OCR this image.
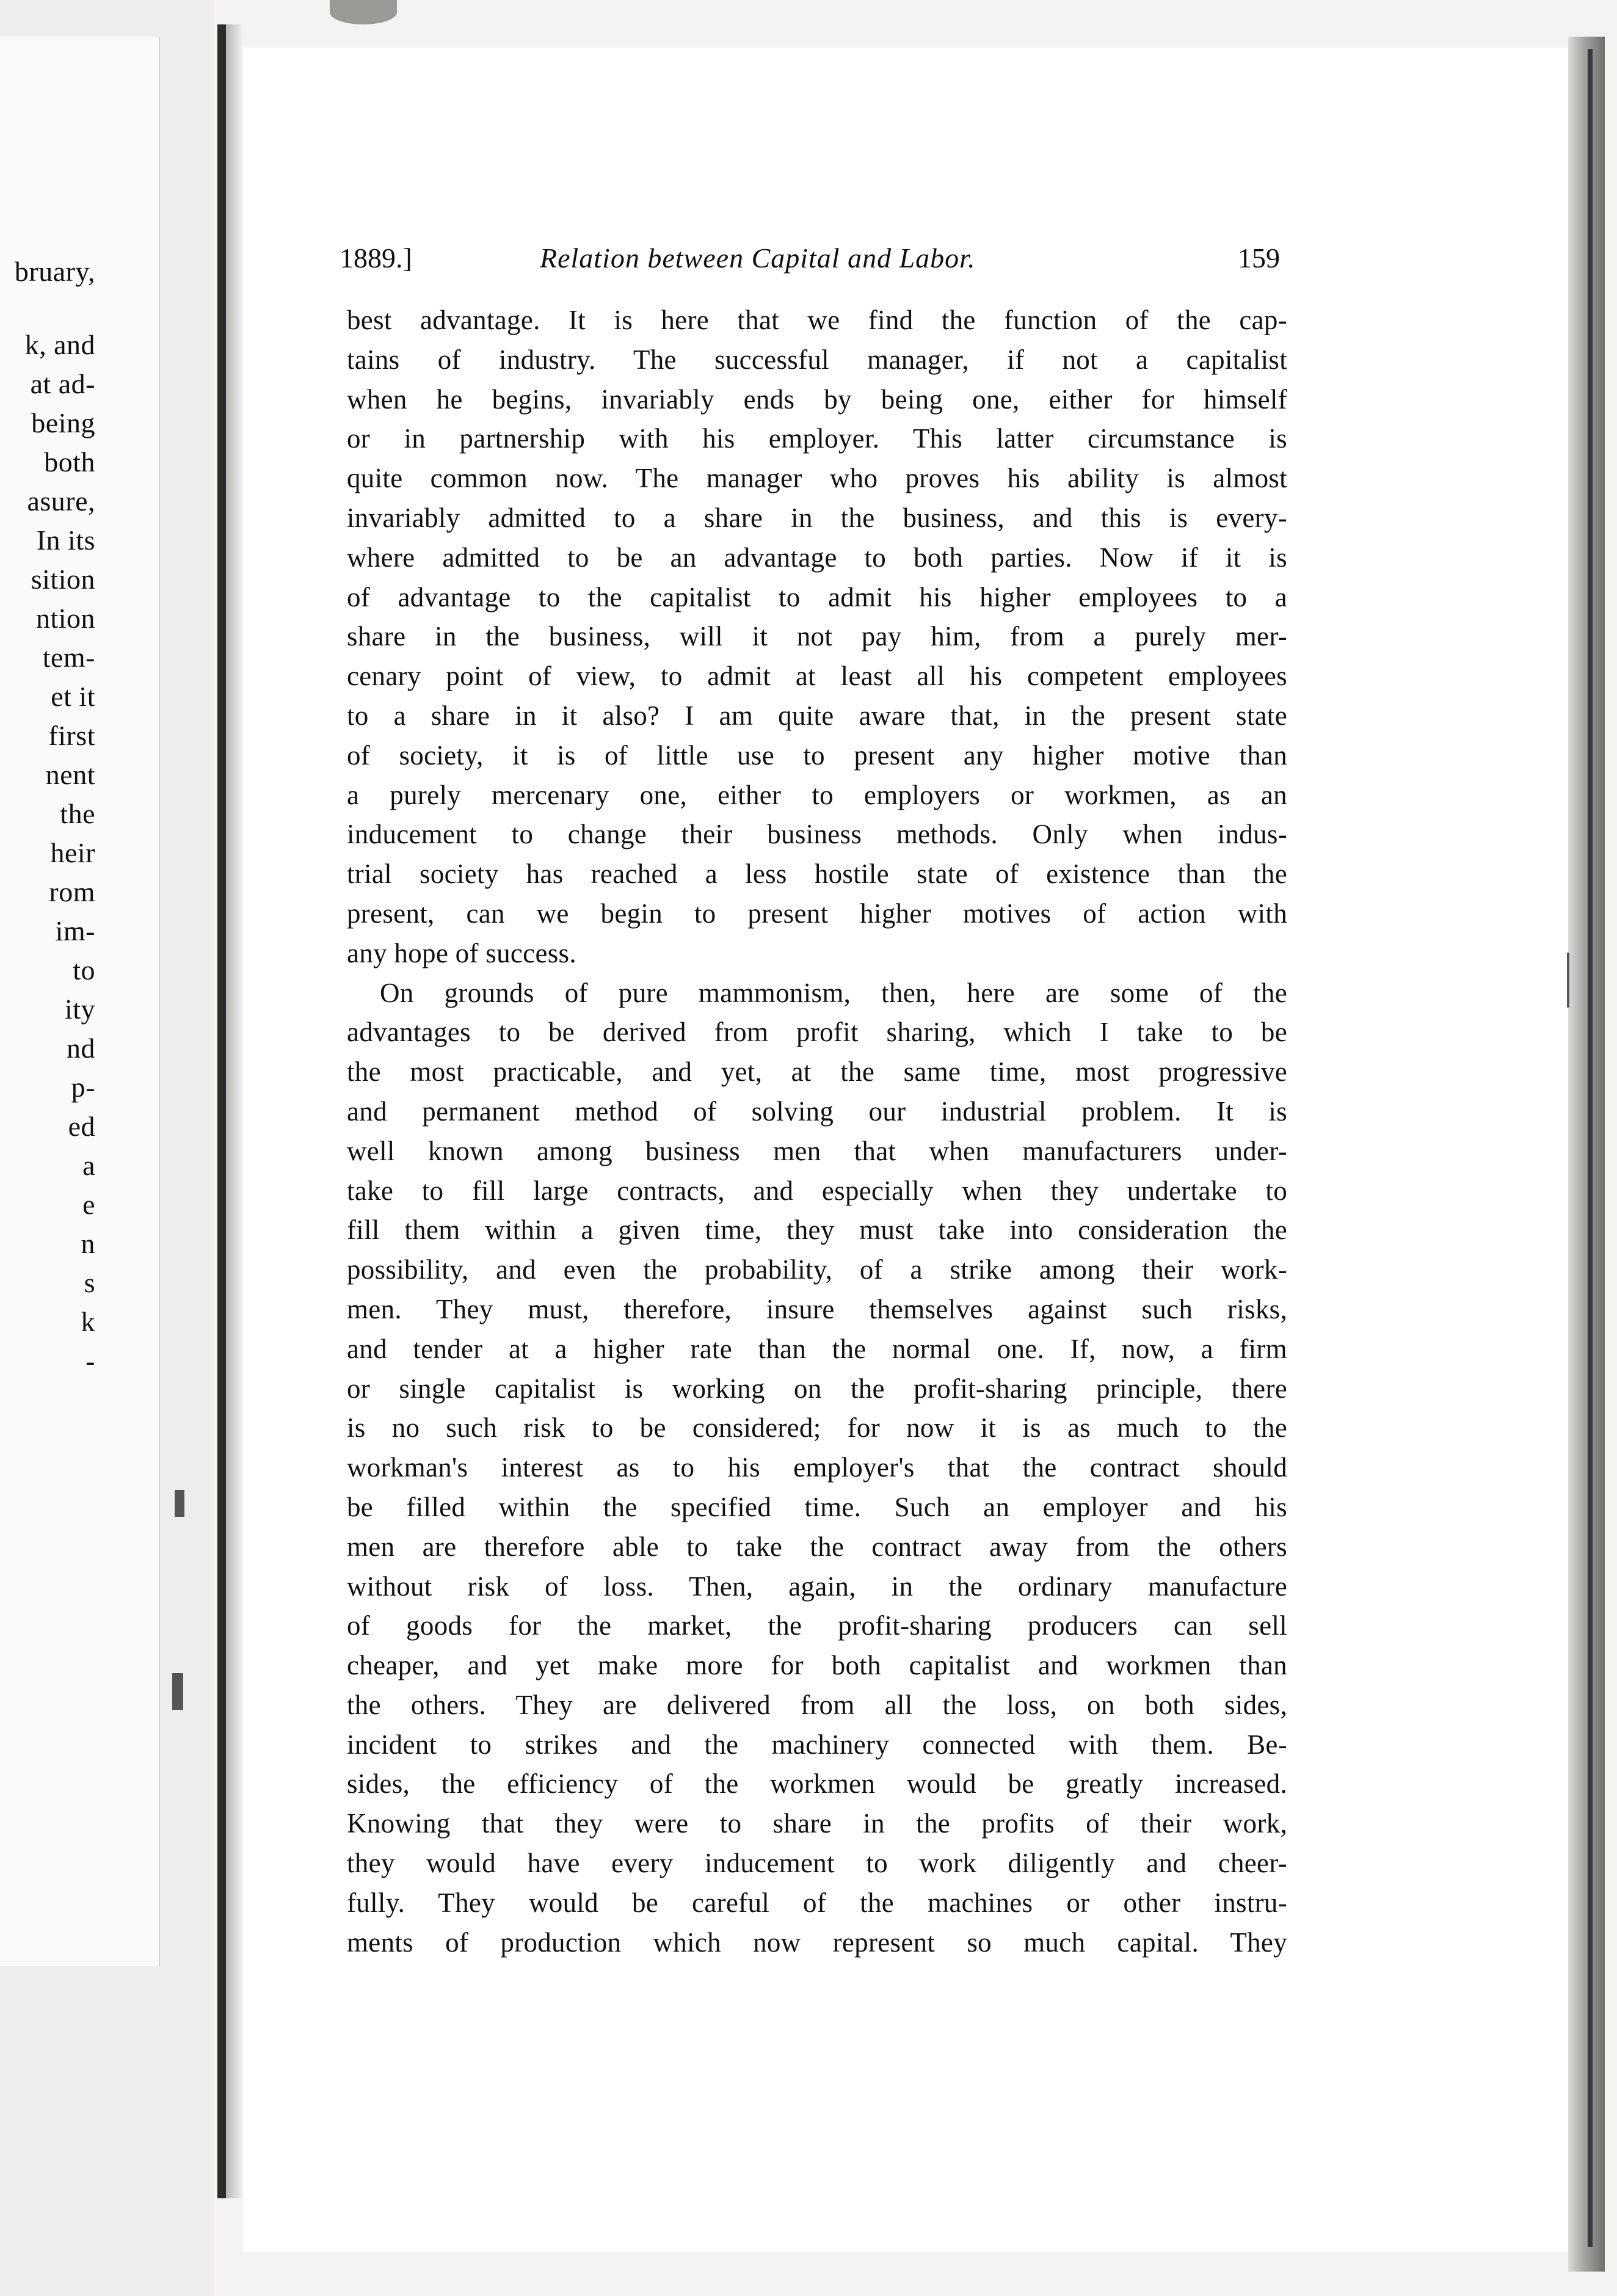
bruary,
k, and
at ad-
being
both
asure,
In its
sition
ntion
tem-
et it
first
nent
the
heir
rom
im-
to
ity
nd
p-
ed
a
e
n
s
k
-
1889.]	Relation between Capital and Labor.	159
best advantage. It is here that we find the function of the cap-
tains of industry. The successful manager, if not a capitalist
when he begins, invariably ends by being one, either for himself
or in partnership with his employer. This latter circumstance is
quite common now. The manager who proves his ability is almost
invariably admitted to a share in the business, and this is every-
where admitted to be an advantage to both parties. Now if it is
of advantage to the capitalist to admit his higher employees to a
share in the business, will it not pay him, from a purely mer-
cenary point of view, to admit at least all his competent employees
to a share in it also? I am quite aware that, in the present state
of society, it is of little use to present any higher motive than
a purely mercenary one, either to employers or workmen, as an
inducement to change their business methods. Only when indus-
trial society has reached a less hostile state of existence than the
present, can we begin to present higher motives of action with
any hope of success.
On grounds of pure mammonism, then, here are some of the
advantages to be derived from profit sharing, which I take to be
the most practicable, and yet, at the same time, most progressive
and permanent method of solving our industrial problem. It is
well known among business men that when manufacturers under-
take to fill large contracts, and especially when they undertake to
fill them within a given time, they must take into consideration the
possibility, and even the probability, of a strike among their work-
men. They must, therefore, insure themselves against such risks,
and tender at a higher rate than the normal one. If, now, a firm
or single capitalist is working on the profit-sharing principle, there
is no such risk to be considered; for now it is as much to the
workman's interest as to his employer's that the contract should
be filled within the specified time. Such an employer and his
men are therefore able to take the contract away from the others
without risk of loss. Then, again, in the ordinary manufacture
of goods for the market, the profit-sharing producers can sell
cheaper, and yet make more for both capitalist and workmen than
the others. They are delivered from all the loss, on both sides,
incident to strikes and the machinery connected with them. Be-
sides, the efficiency of the workmen would be greatly increased.
Knowing that they were to share in the profits of their work,
they would have every inducement to work diligently and cheer-
fully. They would be careful of the machines or other instru-
ments of production which now represent so much capital. They
